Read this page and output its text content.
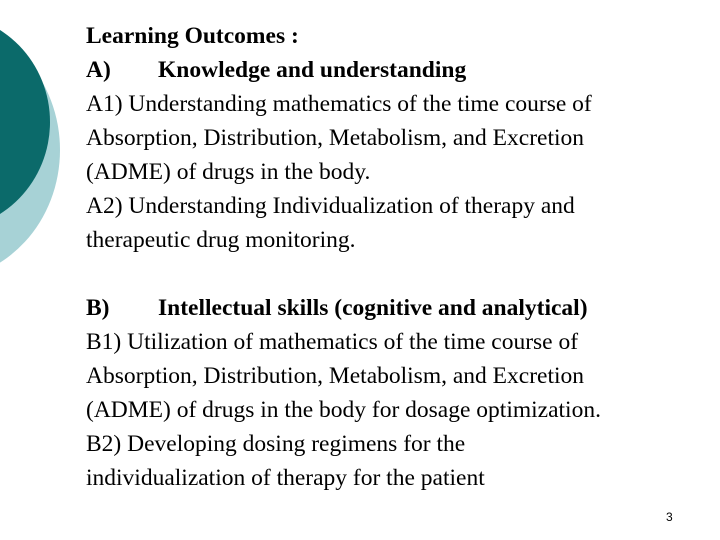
Learning Outcomes :
A) Knowledge and understanding
A1) Understanding mathematics of the time course of
Absorption, Distribution, Metabolism, and Excretion
(ADME) of drugs in the body.
A2) Understanding Individualization of therapy and
therapeutic drug monitoring.
B) Intellectual skills (cognitive and analytical)
B1) Utilization of mathematics of the time course of
Absorption, Distribution, Metabolism, and Excretion
(ADME) of drugs in the body for dosage optimization.
B2) Developing dosing regimens for the
individualization of therapy for the patient
3
